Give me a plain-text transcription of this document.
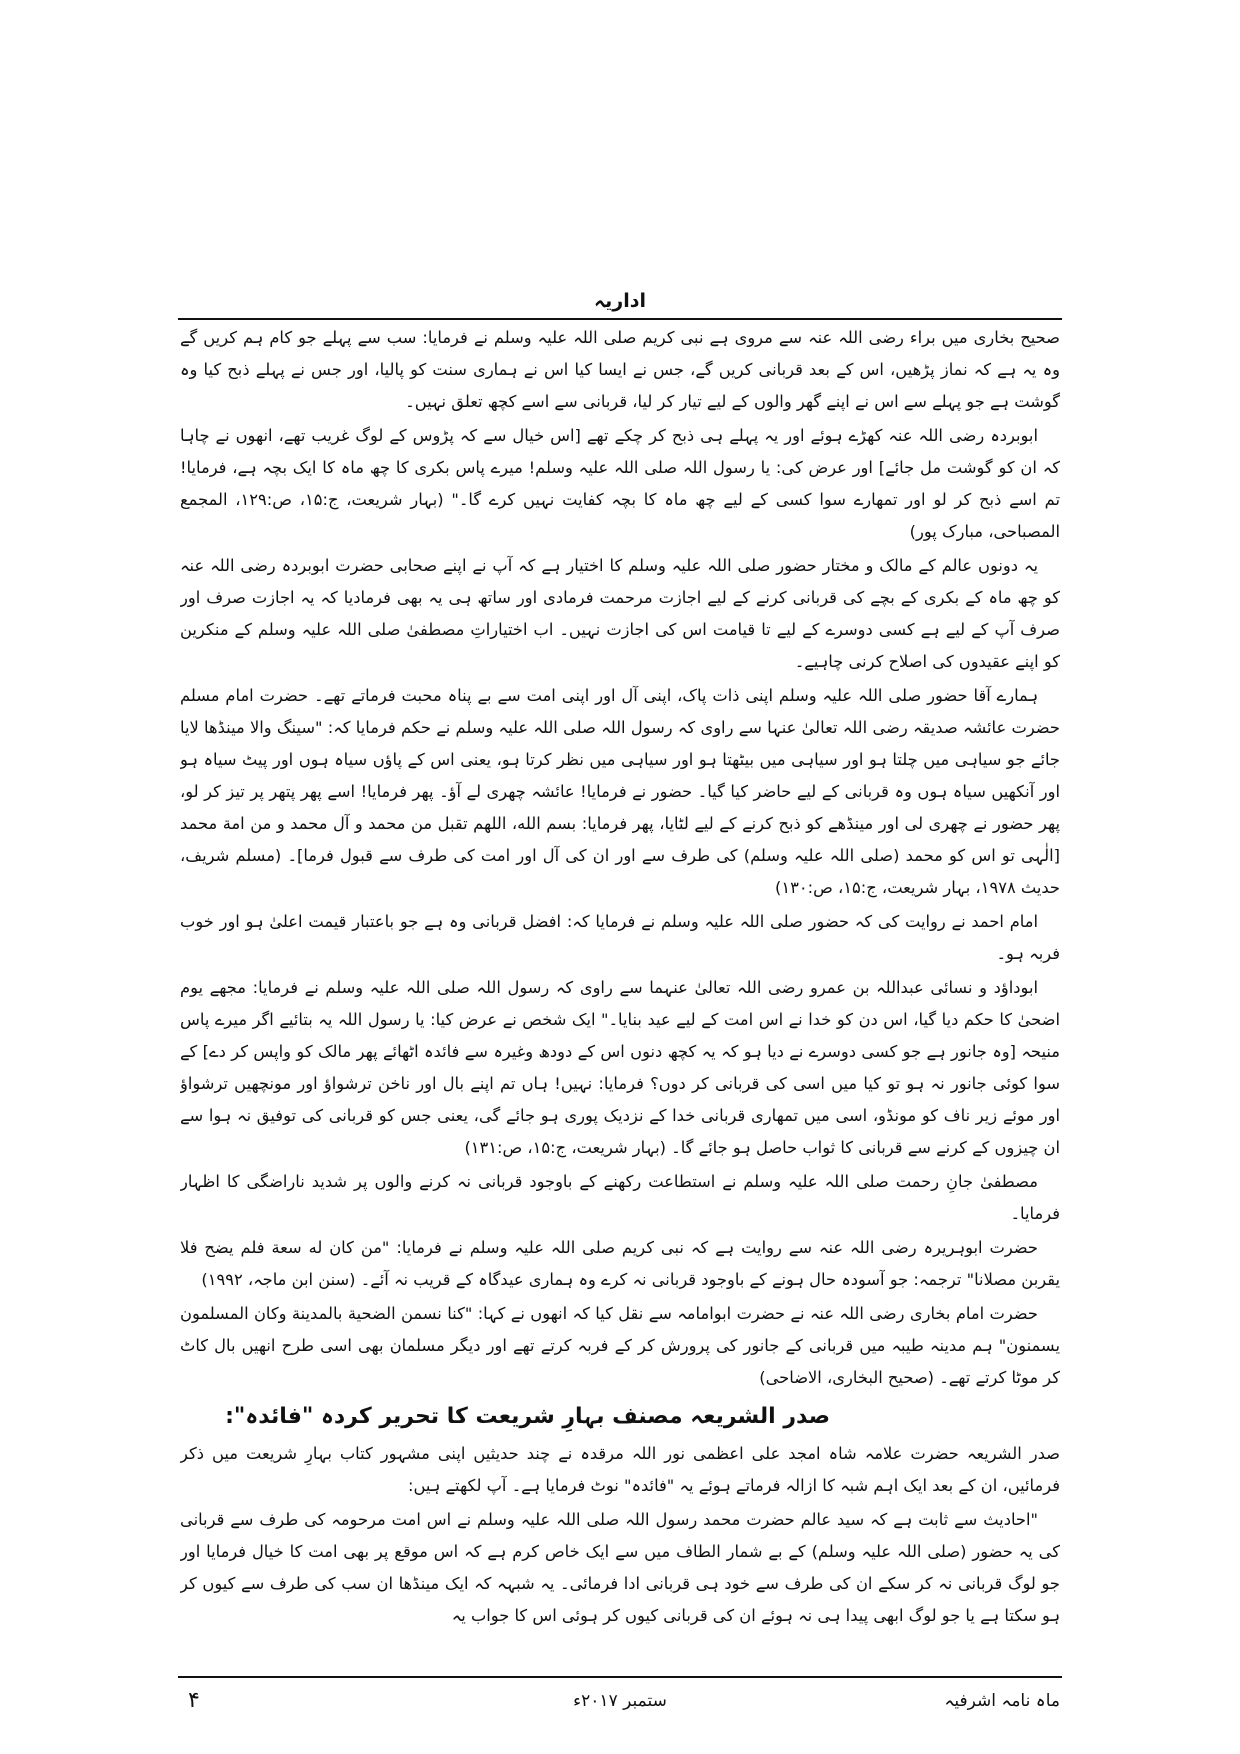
اداریہ

صحیح بخاری میں براء رضی اللہ عنہ سے مروی ہے نبی کریم صلی اللہ علیہ وسلم نے فرمایا: سب سے پہلے جو کام ہم کریں گے وہ یہ ہے کہ نماز پڑھیں، اس کے بعد قربانی کریں گے، جس نے ایسا کیا اس نے ہماری سنت کو پالیا، اور جس نے پہلے ذبح کیا وہ گوشت ہے جو پہلے سے اس نے اپنے گھر والوں کے لیے تیار کر لیا، قربانی سے اسے کچھ تعلق نہیں۔

ابوبردہ رضی اللہ عنہ کھڑے ہوئے اور یہ پہلے ہی ذبح کر چکے تھے [اس خیال سے کہ پڑوس کے لوگ غریب تھے، انھوں نے چاہا کہ ان کو گوشت مل جائے] اور عرض کی: یا رسول اللہ صلی اللہ علیہ وسلم! میرے پاس بکری کا چھ ماہ کا ایک بچہ ہے، فرمایا! تم اسے ذبح کر لو اور تمھارے سوا کسی کے لیے چھ ماہ کا بچہ کفایت نہیں کرے گا۔" (بہار شریعت، ج:۱۵، ص:۱۲۹، المجمع المصباحی، مبارک پور)

یہ دونوں عالم کے مالک و مختار حضور صلی اللہ علیہ وسلم کا اختیار ہے کہ آپ نے اپنے صحابی حضرت ابوبردہ رضی اللہ عنہ کو چھ ماہ کے بکری کے بچے کی قربانی کرنے کے لیے اجازت مرحمت فرمادی اور ساتھ ہی یہ بھی فرمادیا کہ یہ اجازت صرف اور صرف آپ کے لیے ہے کسی دوسرے کے لیے تا قیامت اس کی اجازت نہیں۔ اب اختیاراتِ مصطفیٰ صلی اللہ علیہ وسلم کے منکرین کو اپنے عقیدوں کی اصلاح کرنی چاہیے۔

ہمارے آقا حضور صلی اللہ علیہ وسلم اپنی ذات پاک، اپنی آل اور اپنی امت سے بے پناہ محبت فرماتے تھے۔ حضرت امام مسلم حضرت عائشہ صدیقہ رضی اللہ تعالیٰ عنہا سے راوی کہ رسول اللہ صلی اللہ علیہ وسلم نے حکم فرمایا کہ: "سینگ والا مینڈھا لایا جائے جو سیاہی میں چلتا ہو اور سیاہی میں بیٹھتا ہو اور سیاہی میں نظر کرتا ہو، یعنی اس کے پاؤں سیاہ ہوں اور پیٹ سیاہ ہو اور آنکھیں سیاہ ہوں وہ قربانی کے لیے حاضر کیا گیا۔ حضور نے فرمایا! عائشہ چھری لے آؤ۔ پھر فرمایا! اسے پھر پتھر پر تیز کر لو، پھر حضور نے چھری لی اور مینڈھے کو ذبح کرنے کے لیے لٹایا، پھر فرمایا: بسم الله، اللهم تقبل من محمد و آل محمد و من امة محمد [الٰہی تو اس کو محمد (صلی اللہ علیہ وسلم) کی طرف سے اور ان کی آل اور امت کی طرف سے قبول فرما]۔ (مسلم شریف، حدیث ۱۹۷۸، بہار شریعت، ج:۱۵، ص:۱۳۰)

امام احمد نے روایت کی کہ حضور صلی اللہ علیہ وسلم نے فرمایا کہ: افضل قربانی وہ ہے جو باعتبار قیمت اعلیٰ ہو اور خوب فربہ ہو۔

ابوداؤد و نسائی عبداللہ بن عمرو رضی اللہ تعالیٰ عنہما سے راوی کہ رسول اللہ صلی اللہ علیہ وسلم نے فرمایا: مجھے یوم اضحیٰ کا حکم دیا گیا، اس دن کو خدا نے اس امت کے لیے عید بنایا۔" ایک شخص نے عرض کیا: یا رسول اللہ یہ بتائیے اگر میرے پاس منیحہ [وہ جانور ہے جو کسی دوسرے نے دیا ہو کہ یہ کچھ دنوں اس کے دودھ وغیرہ سے فائدہ اٹھائے پھر مالک کو واپس کر دے] کے سوا کوئی جانور نہ ہو تو کیا میں اسی کی قربانی کر دوں؟ فرمایا: نہیں! ہاں تم اپنے بال اور ناخن ترشواؤ اور مونچھیں ترشواؤ اور موئے زیر ناف کو مونڈو، اسی میں تمھاری قربانی خدا کے نزدیک پوری ہو جائے گی، یعنی جس کو قربانی کی توفیق نہ ہوا سے ان چیزوں کے کرنے سے قربانی کا ثواب حاصل ہو جائے گا۔ (بہار شریعت، ج:۱۵، ص:۱۳۱)

مصطفیٰ جانِ رحمت صلی اللہ علیہ وسلم نے استطاعت رکھنے کے باوجود قربانی نہ کرنے والوں پر شدید ناراضگی کا اظہار فرمایا۔

حضرت ابوہریرہ رضی اللہ عنہ سے روایت ہے کہ نبی کریم صلی اللہ علیہ وسلم نے فرمایا: "من كان له سعة فلم يضح فلا يقربن مصلانا" ترجمہ: جو آسودہ حال ہونے کے باوجود قربانی نہ کرے وہ ہماری عیدگاہ کے قریب نہ آئے۔ (سنن ابن ماجہ، ۱۹۹۲)

حضرت امام بخاری رضی اللہ عنہ نے حضرت ابوامامہ سے نقل کیا کہ انھوں نے کہا: "كنا نسمن الضحية بالمدينة وكان المسلمون يسمنون" ہم مدینہ طیبہ میں قربانی کے جانور کی پرورش کر کے فربہ کرتے تھے اور دیگر مسلمان بھی اسی طرح انھیں بال کاٹ کر موٹا کرتے تھے۔ (صحیح البخاری، الاضاحی)

صدر الشریعہ مصنف بہارِ شریعت کا تحریر کردہ "فائدہ":

صدر الشریعہ حضرت علامہ شاہ امجد علی اعظمی نور اللہ مرقدہ نے چند حدیثیں اپنی مشہور کتاب بہارِ شریعت میں ذکر فرمائیں، ان کے بعد ایک اہم شبہ کا ازالہ فرماتے ہوئے یہ "فائدہ" نوٹ فرمایا ہے۔ آپ لکھتے ہیں:

"احادیث سے ثابت ہے کہ سید عالم حضرت محمد رسول اللہ صلی اللہ علیہ وسلم نے اس امت مرحومہ کی طرف سے قربانی کی یہ حضور (صلی اللہ علیہ وسلم) کے بے شمار الطاف میں سے ایک خاص کرم ہے کہ اس موقع پر بھی امت کا خیال فرمایا اور جو لوگ قربانی نہ کر سکے ان کی طرف سے خود ہی قربانی ادا فرمائی۔ یہ شبہہ کہ ایک مینڈھا ان سب کی طرف سے کیوں کر ہو سکتا ہے یا جو لوگ ابھی پیدا ہی نہ ہوئے ان کی قربانی کیوں کر ہوئی اس کا جواب یہ

۴	ستمبر ۲۰۱۷ء	ماہ نامہ اشرفیہ
